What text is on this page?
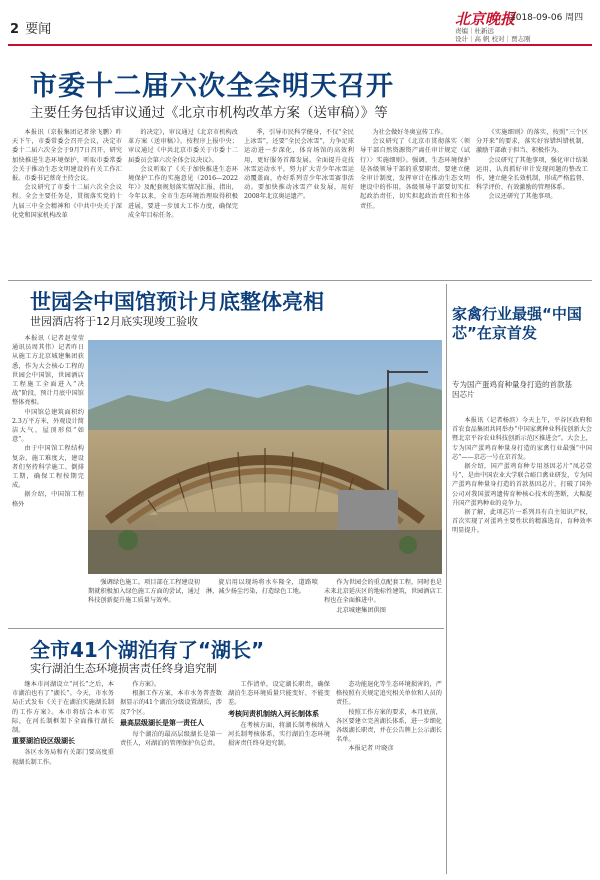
2 要闻
北京晚报
2018-09-06 周四
责编｜杜新远
设计｜高 帆 校对｜贾志刚
市委十二届六次全会明天召开
主要任务包括审议通过《北京市机构改革方案（送审稿）》等

本报讯（京报集团记者徐飞鹏）昨天下午，市委常委会召开会议，决定市委十二届六次全会于9月7日召开，研究加快推进生态环境保护，听取市委常委会关于推动生态文明建设的有关工作汇报。市委书记蔡奇主持会议。

会议研究了市委十二届六次全会议程。全会主要任务是，贯彻落实党的十九届三中全会精神和《中共中央关于深化党和国家机构改革

的决定》，审议通过《北京市机构改革方案（送审稿）》，按程序上报中央；审议通过《中共北京市委关于市委十二届委员会第六次全体会议决议》。

会议听取了《关于加快推进生态环境保护工作的实施意见（2016—2022年）》及配套规划落实情况汇报，指出，今年以来，全市生态环境治理取得积极进展，要进一步加大工作力度，确保完成全年目标任务。

季，引导市民科学健身，不仅“全民上冰雪”，还要“全民会冰雪”，力争足球运动进一步深化，体育场馆的高效利用，更好服务首都发展。全面提升竞技冰雪运动水平，努力扩大青少年冰雪运动覆盖面，办好系列青少年冰雪赛事活动。要加快推动冰雪产业发展，用好2008年北京奥运遗产。

为社会做好冬奥宣传工作。

会议研究了《北京市贯彻落实〈领导干部自然资源资产离任审计规定（试行）〉实施细则》。强调，生态环境保护是各级领导干部的重要职责，要建立健全审计制度，发挥审计在推动生态文明建设中的作用，各级领导干部要切实扛起政治责任，切实担起政治责任和主体责任。

《实施细则》的落实，按照“三个区分开来”的要求，落实好容错纠错机制，激励干部敢于担当、积极作为。

会议研究了其他事项，强化审计结果运用，认真抓好审计发现问题的整改工作，建立健全长效机制，形成严格监督、科学评价、有效激励的管理体系。

会议还研究了其他事项。

世园会中国馆预计月底整体亮相
世园酒店将于12月底实现竣工验收

本报讯（记者赵莹莹 通讯员周其伟）记者昨日从施工方北京城建集团获悉，作为大会核心工程的世园会中国馆，世园酒店工程施工全面进入“决战”阶段，预计月底中国馆整体亮相。

中国馆总建筑面积约2.3万平方米，外观设计简洁大气，屋顶形似“如意”。

由于中国馆工程结构复杂，施工难度大，建设者们坚持科学施工、倒排工期，确保工程按期完成。

据介绍，中国馆工程格外

强调绿色施工。项目部在工程建设初期就积极加入绿色施工方面的尝试，通过科技创新提升施工质量与效率。

旋启用以现场将水车隆全，道路喷淋，减少扬尘污染，打造绿色工地。

作为世园会的重点配套工程，同时也是未来北京延庆区的地标性建筑，世园酒店工程也在全面推进中。

北京城建集团供图

家禽行业最强“中国芯”在京首发
专为国产蛋鸡育种量身打造的首款基因芯片

本报讯（记者杨滨）今天上午，平谷区政府和首农食品集团共同举办“中国家禽种业科技创新大会暨北京平谷农业科技创新示范区推进会”。大会上，专为国产蛋鸡育种量身打造的家禽行业最强“中国芯”——京芯一号在京首发。

据介绍，国产蛋鸡育种专用基因芯片“凤芯壹号”，是由中国农业大学联合峪口禽业研发，专为国产蛋鸡育种量身打造的首款基因芯片，打破了国外公司对我国蛋鸡遗传育种核心技术的垄断，大幅提升国产蛋鸡种业的竞争力。

据了解，此项芯片一系列具有自主知识产权，首次实现了对蛋鸡主要性状的精准选育，育种效率明显提升。

全市41个湖泊有了“湖长”
实行湖泊生态环境损害责任终身追究制

继本市河湖设立“河长”之后，本市湖泊也有了“湖长”。今天，市水务局正式发布《关于在湖泊实施湖长制的工作方案》。本市将结合本市实际，在河长制框架下全面推行湖长制。

重要湖泊设区级湖长

各区水务局和有关部门要高度重视湖长制工作。

作方案》。

根据工作方案，本市水务普查数据显示的41个湖泊分级设置湖长，涉及7个区。

最高层级湖长是第一责任人

每个湖泊的最高层级湖长是第一责任人，对湖泊的管理保护负总责。

工作清单，设定湖长职责，确保湖泊生态环境质量只能变好、不能变差。

考核问责机制纳入河长制体系

在考核方面，将湖长制考核纳入河长制考核体系，实行湖泊生态环境损害责任终身追究制。

态功能退化等生态环境损害的，严格按照有关规定追究相关单位和人员的责任。

按照工作方案的要求，本月底前，各区要建立完善湖长体系，进一步细化各级湖长职责，并在公告牌上公示湖长名单。

本报记者 叶晓彦
